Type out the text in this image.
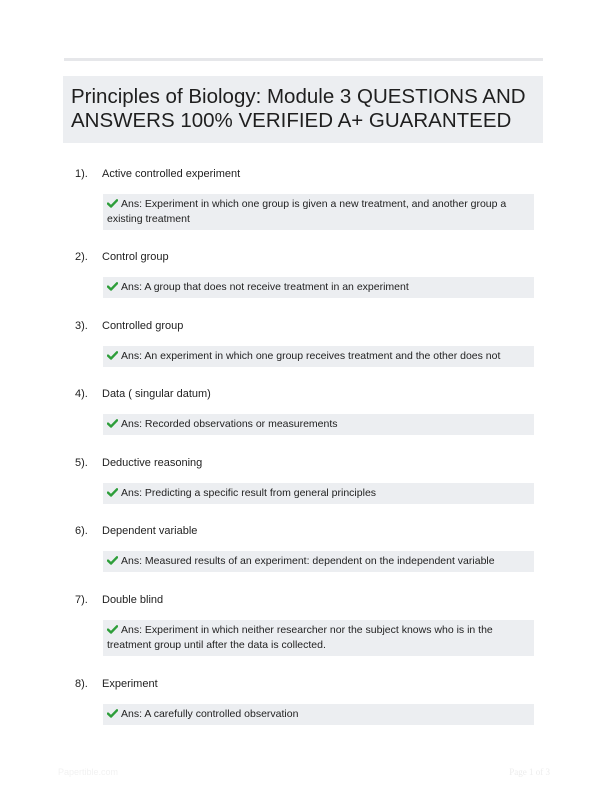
Principles of Biology: Module 3 QUESTIONS AND ANSWERS 100% VERIFIED A+ GUARANTEED
1). Active controlled experiment
Ans: Experiment in which one group is given a new treatment, and another group a existing treatment
2). Control group
Ans: A group that does not receive treatment in an experiment
3). Controlled group
Ans: An experiment in which one group receives treatment and the other does not
4). Data ( singular datum)
Ans: Recorded observations or measurements
5). Deductive reasoning
Ans: Predicting a specific result from general principles
6). Dependent variable
Ans: Measured results of an experiment: dependent on the independent variable
7). Double blind
Ans: Experiment in which neither researcher nor the subject knows who is in the treatment group until after the data is collected.
8). Experiment
Ans: A carefully controlled observation
Papertible.com	Page 1 of 3
